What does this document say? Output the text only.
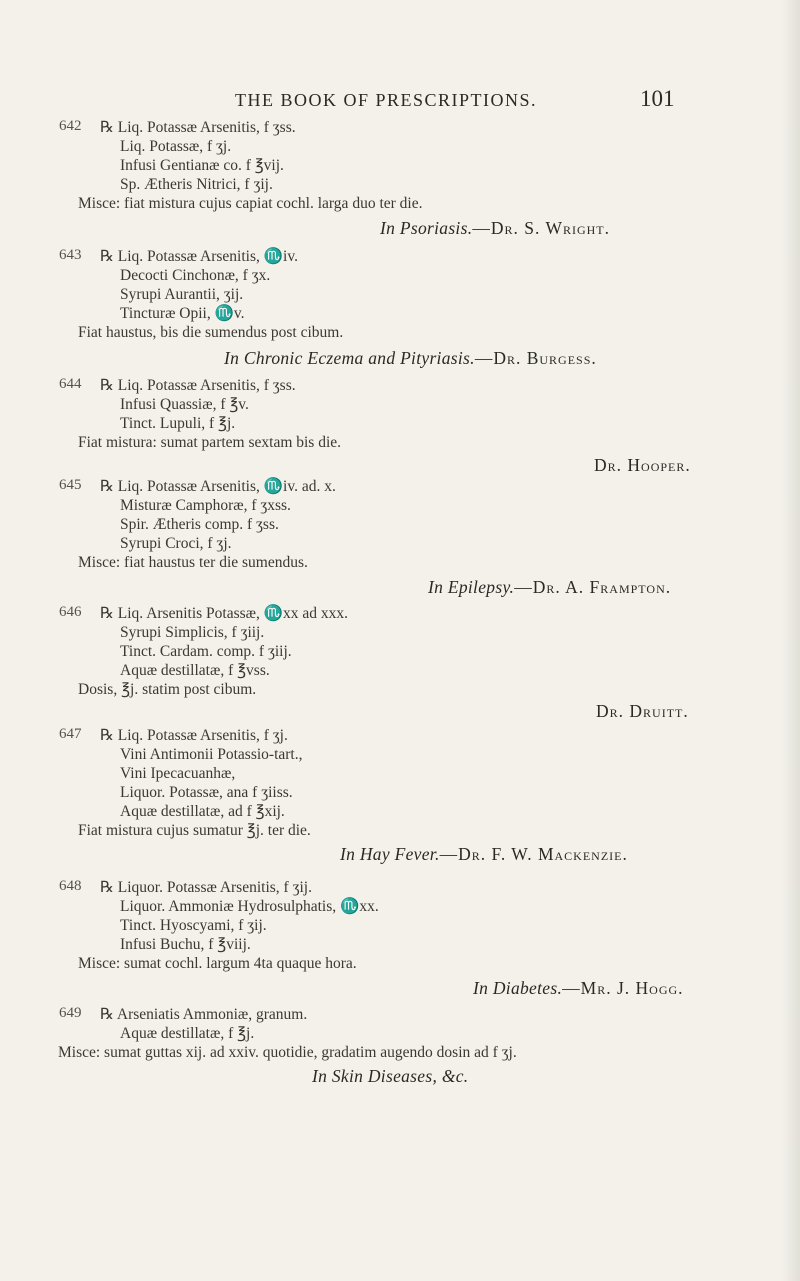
THE BOOK OF PRESCRIPTIONS.	101
642 ℞ Liq. Potassæ Arsenitis, f ʒss.
Liq. Potassæ, f ʒj.
Infusi Gentianæ co. f ℥vij.
Sp. Ætheris Nitrici, f ʒij.
Misce: fiat mistura cujus capiat cochl. larga duo ter die.
In Psoriasis.—Dr. S. Wright.
643 ℞ Liq. Potassæ Arsenitis, ♏iv.
Decocti Cinchonæ, f ʒx.
Syrupi Aurantii, ʒij.
Tincturæ Opii, ♏v.
Fiat haustus, bis die sumendus post cibum.
In Chronic Eczema and Pityriasis.—Dr. Burgess.
644 ℞ Liq. Potassæ Arsenitis, f ʒss.
Infusi Quassiæ, f ℥v.
Tinct. Lupuli, f ℥j.
Fiat mistura: sumat partem sextam bis die.
Dr. Hooper.
645 ℞ Liq. Potassæ Arsenitis, ♏iv. ad. x.
Misturæ Camphoræ, f ʒxss.
Spir. Ætheris comp. f ʒss.
Syrupi Croci, f ʒj.
Misce: fiat haustus ter die sumendus.
In Epilepsy.—Dr. A. Frampton.
646 ℞ Liq. Arsenitis Potassæ, ♏xx ad xxx.
Syrupi Simplicis, f ʒiij.
Tinct. Cardam. comp. f ʒiij.
Aquæ destillatæ, f ℥vss.
Dosis, ℥j. statim post cibum.
Dr. Druitt.
647 ℞ Liq. Potassæ Arsenitis, f ʒj.
Vini Antimonii Potassio-tart.,
Vini Ipecacuanhæ,
Liquor. Potassæ, ana f ʒiiss.
Aquæ destillatæ, ad f ℥xij.
Fiat mistura cujus sumatur ℥j. ter die.
In Hay Fever.—Dr. F. W. Mackenzie.
648 ℞ Liquor. Potassæ Arsenitis, f ʒij.
Liquor. Ammoniæ Hydrosulphatis, ♏xx.
Tinct. Hyoscyami, f ʒij.
Infusi Buchu, f ℥viij.
Misce: sumat cochl. largum 4ta quaque hora.
In Diabetes.—Mr. J. Hogg.
649 ℞ Arseniatis Ammoniæ, granum.
Aquæ destillatæ, f ℥j.
Misce: sumat guttas xij. ad xxiv. quotidie, gradatim augendo dosin ad f ʒj.
In Skin Diseases, &c.
